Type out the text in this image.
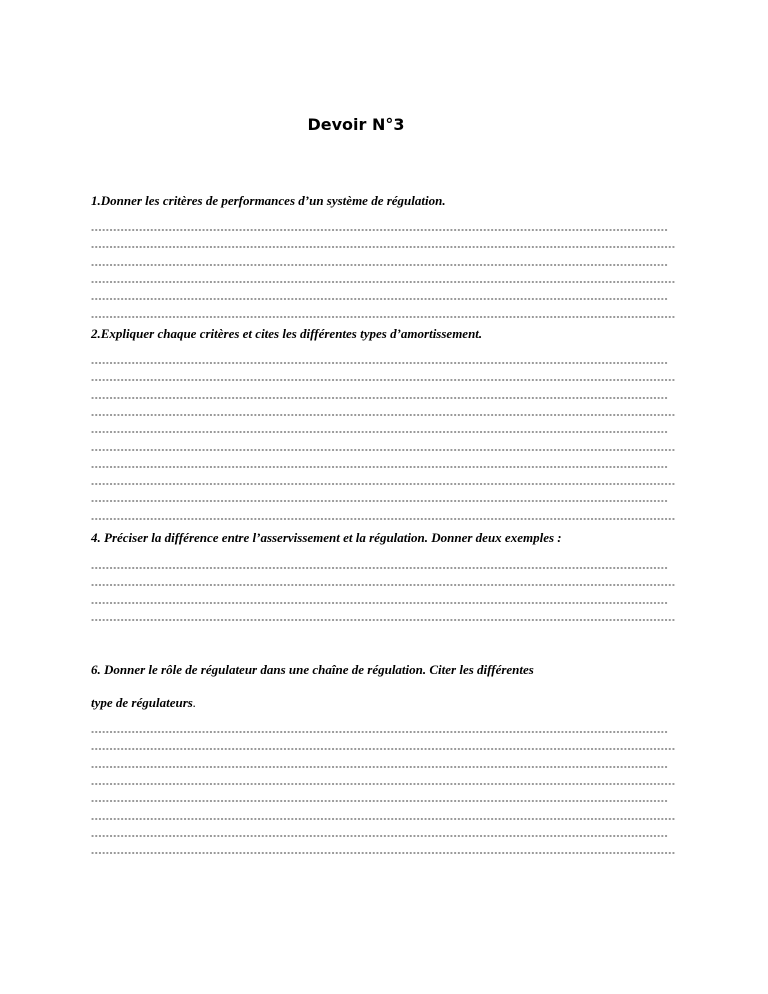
Devoir N°3
1.Donner les critères de performances d’un système de régulation.
2.Expliquer chaque critères et cites les différentes types d’amortissement.
4. Préciser la différence entre l’asservissement et la régulation. Donner deux exemples :
6. Donner le rôle de régulateur dans une chaîne de régulation. Citer les différentes
type de régulateurs.
